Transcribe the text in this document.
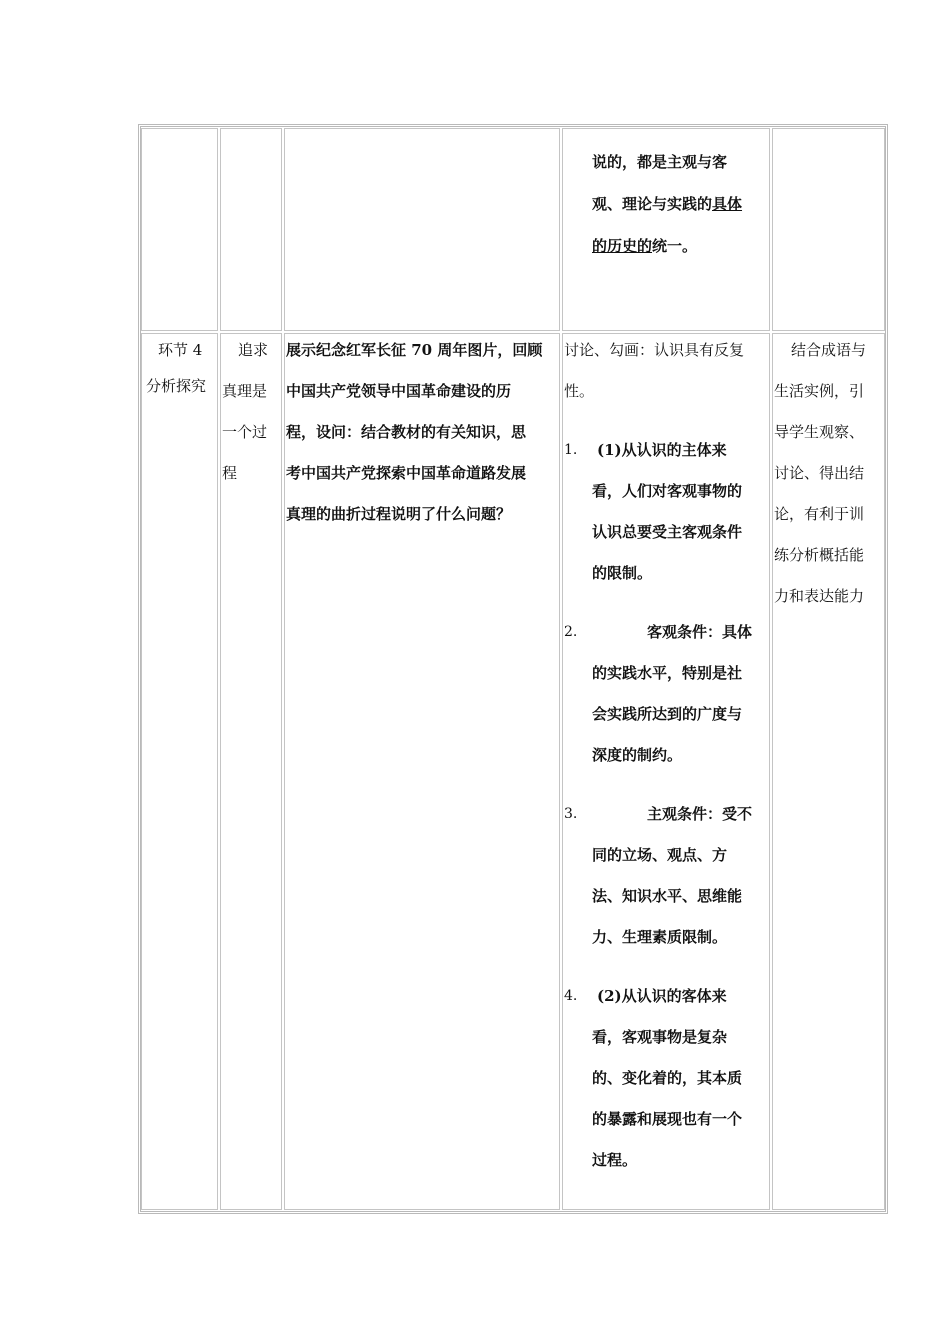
说的，都是主观与客
观、理论与实践的具体
的历史的统一。
环节 4
分析探究
追求
真理是
一个过
程
展示纪念红军长征 70 周年图片，回顾
中国共产党领导中国革命建设的历
程，设问：结合教材的有关知识，思
考中国共产党探索中国革命道路发展
真理的曲折过程说明了什么问题？
讨论、勾画：认识具有反复
性。
1. (1)从认识的主体来
看，人们对客观事物的
认识总要受主客观条件
的限制。
2.	客观条件：具体
的实践水平，特别是社
会实践所达到的广度与
深度的制约。
3.	主观条件：受不
同的立场、观点、方
法、知识水平、思维能
力、生理素质限制。
4. (2)从认识的客体来
看，客观事物是复杂
的、变化着的，其本质
的暴露和展现也有一个
过程。
结合成语与
生活实例，引
导学生观察、
讨论、得出结
论，有利于训
练分析概括能
力和表达能力
